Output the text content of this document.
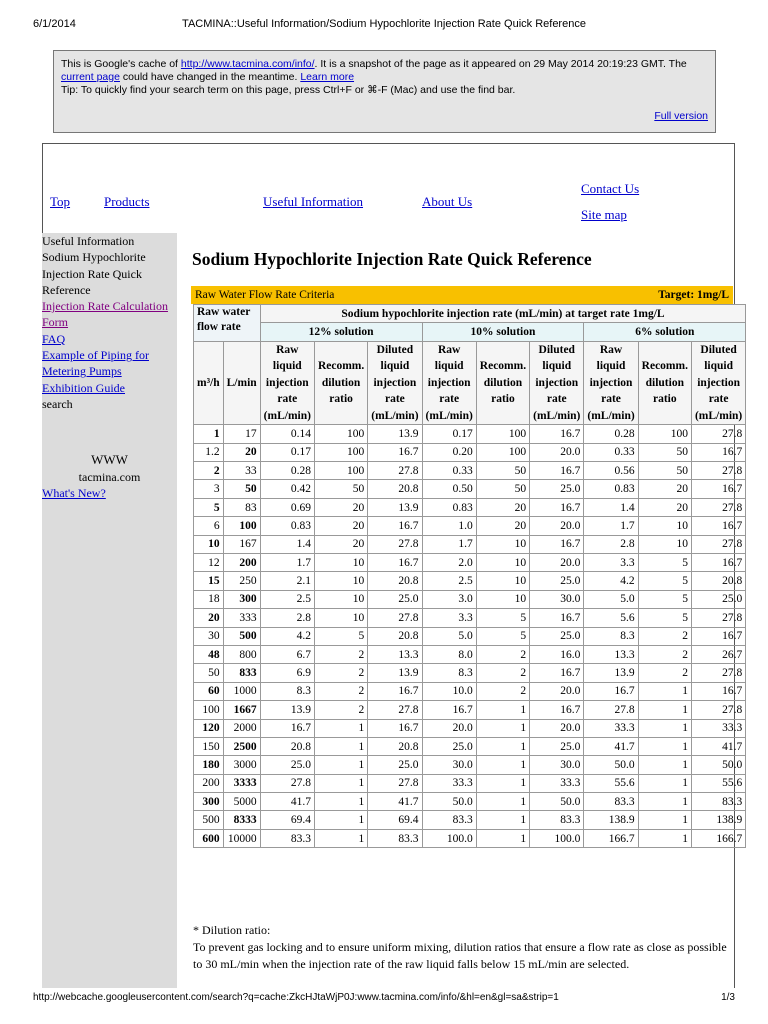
6/1/2014	TACMINA::Useful Information/Sodium Hypochlorite Injection Rate Quick Reference
This is Google's cache of http://www.tacmina.com/info/. It is a snapshot of the page as it appeared on 29 May 2014 20:19:23 GMT. The current page could have changed in the meantime. Learn more
Tip: To quickly find your search term on this page, press Ctrl+F or ⌘-F (Mac) and use the find bar.
Full version
Top	Products	Useful Information	About Us
Contact Us
Site map
Useful Information
Sodium Hypochlorite
Injection Rate Quick
Reference
Injection Rate Calculation
Form
FAQ
Example of Piping for
Metering Pumps
Exhibition Guide
search
WWW
tacmina.com
What's New?
Sodium Hypochlorite Injection Rate Quick Reference
Raw Water Flow Rate Criteria	Target: 1mg/L
Raw water flow rate		Sodium hypochlorite injection rate (mL/min) at target rate 1mg/L								
		12% solution			10% solution			6% solution		
m³/h	L/min	Raw liquid injection rate (mL/min)	Recomm. dilution ratio	Diluted liquid injection rate (mL/min)	Raw liquid injection rate (mL/min)	Recomm. dilution ratio	Diluted liquid injection rate (mL/min)	Raw liquid injection rate (mL/min)	Recomm. dilution ratio	Diluted liquid injection rate (mL/min)
1	17	0.14	100	13.9	0.17	100	16.7	0.28	100	27.8
1.2	20	0.17	100	16.7	0.20	100	20.0	0.33	50	16.7
2	33	0.28	100	27.8	0.33	50	16.7	0.56	50	27.8
3	50	0.42	50	20.8	0.50	50	25.0	0.83	20	16.7
5	83	0.69	20	13.9	0.83	20	16.7	1.4	20	27.8
6	100	0.83	20	16.7	1.0	20	20.0	1.7	10	16.7
10	167	1.4	20	27.8	1.7	10	16.7	2.8	10	27.8
12	200	1.7	10	16.7	2.0	10	20.0	3.3	5	16.7
15	250	2.1	10	20.8	2.5	10	25.0	4.2	5	20.8
18	300	2.5	10	25.0	3.0	10	30.0	5.0	5	25.0
20	333	2.8	10	27.8	3.3	5	16.7	5.6	5	27.8
30	500	4.2	5	20.8	5.0	5	25.0	8.3	2	16.7
48	800	6.7	2	13.3	8.0	2	16.0	13.3	2	26.7
50	833	6.9	2	13.9	8.3	2	16.7	13.9	2	27.8
60	1000	8.3	2	16.7	10.0	2	20.0	16.7	1	16.7
100	1667	13.9	2	27.8	16.7	1	16.7	27.8	1	27.8
120	2000	16.7	1	16.7	20.0	1	20.0	33.3	1	33.3
150	2500	20.8	1	20.8	25.0	1	25.0	41.7	1	41.7
180	3000	25.0	1	25.0	30.0	1	30.0	50.0	1	50.0
200	3333	27.8	1	27.8	33.3	1	33.3	55.6	1	55.6
300	5000	41.7	1	41.7	50.0	1	50.0	83.3	1	83.3
500	8333	69.4	1	69.4	83.3	1	83.3	138.9	1	138.9
600	10000	83.3	1	83.3	100.0	1	100.0	166.7	1	166.7
* Dilution ratio:
To prevent gas locking and to ensure uniform mixing, dilution ratios that ensure a flow rate as close as possible to 30 mL/min when the injection rate of the raw liquid falls below 15 mL/min are selected.
http://webcache.googleusercontent.com/search?q=cache:ZkcHJtaWjP0J:www.tacmina.com/info/&hl=en&gl=sa&strip=1	1/3
